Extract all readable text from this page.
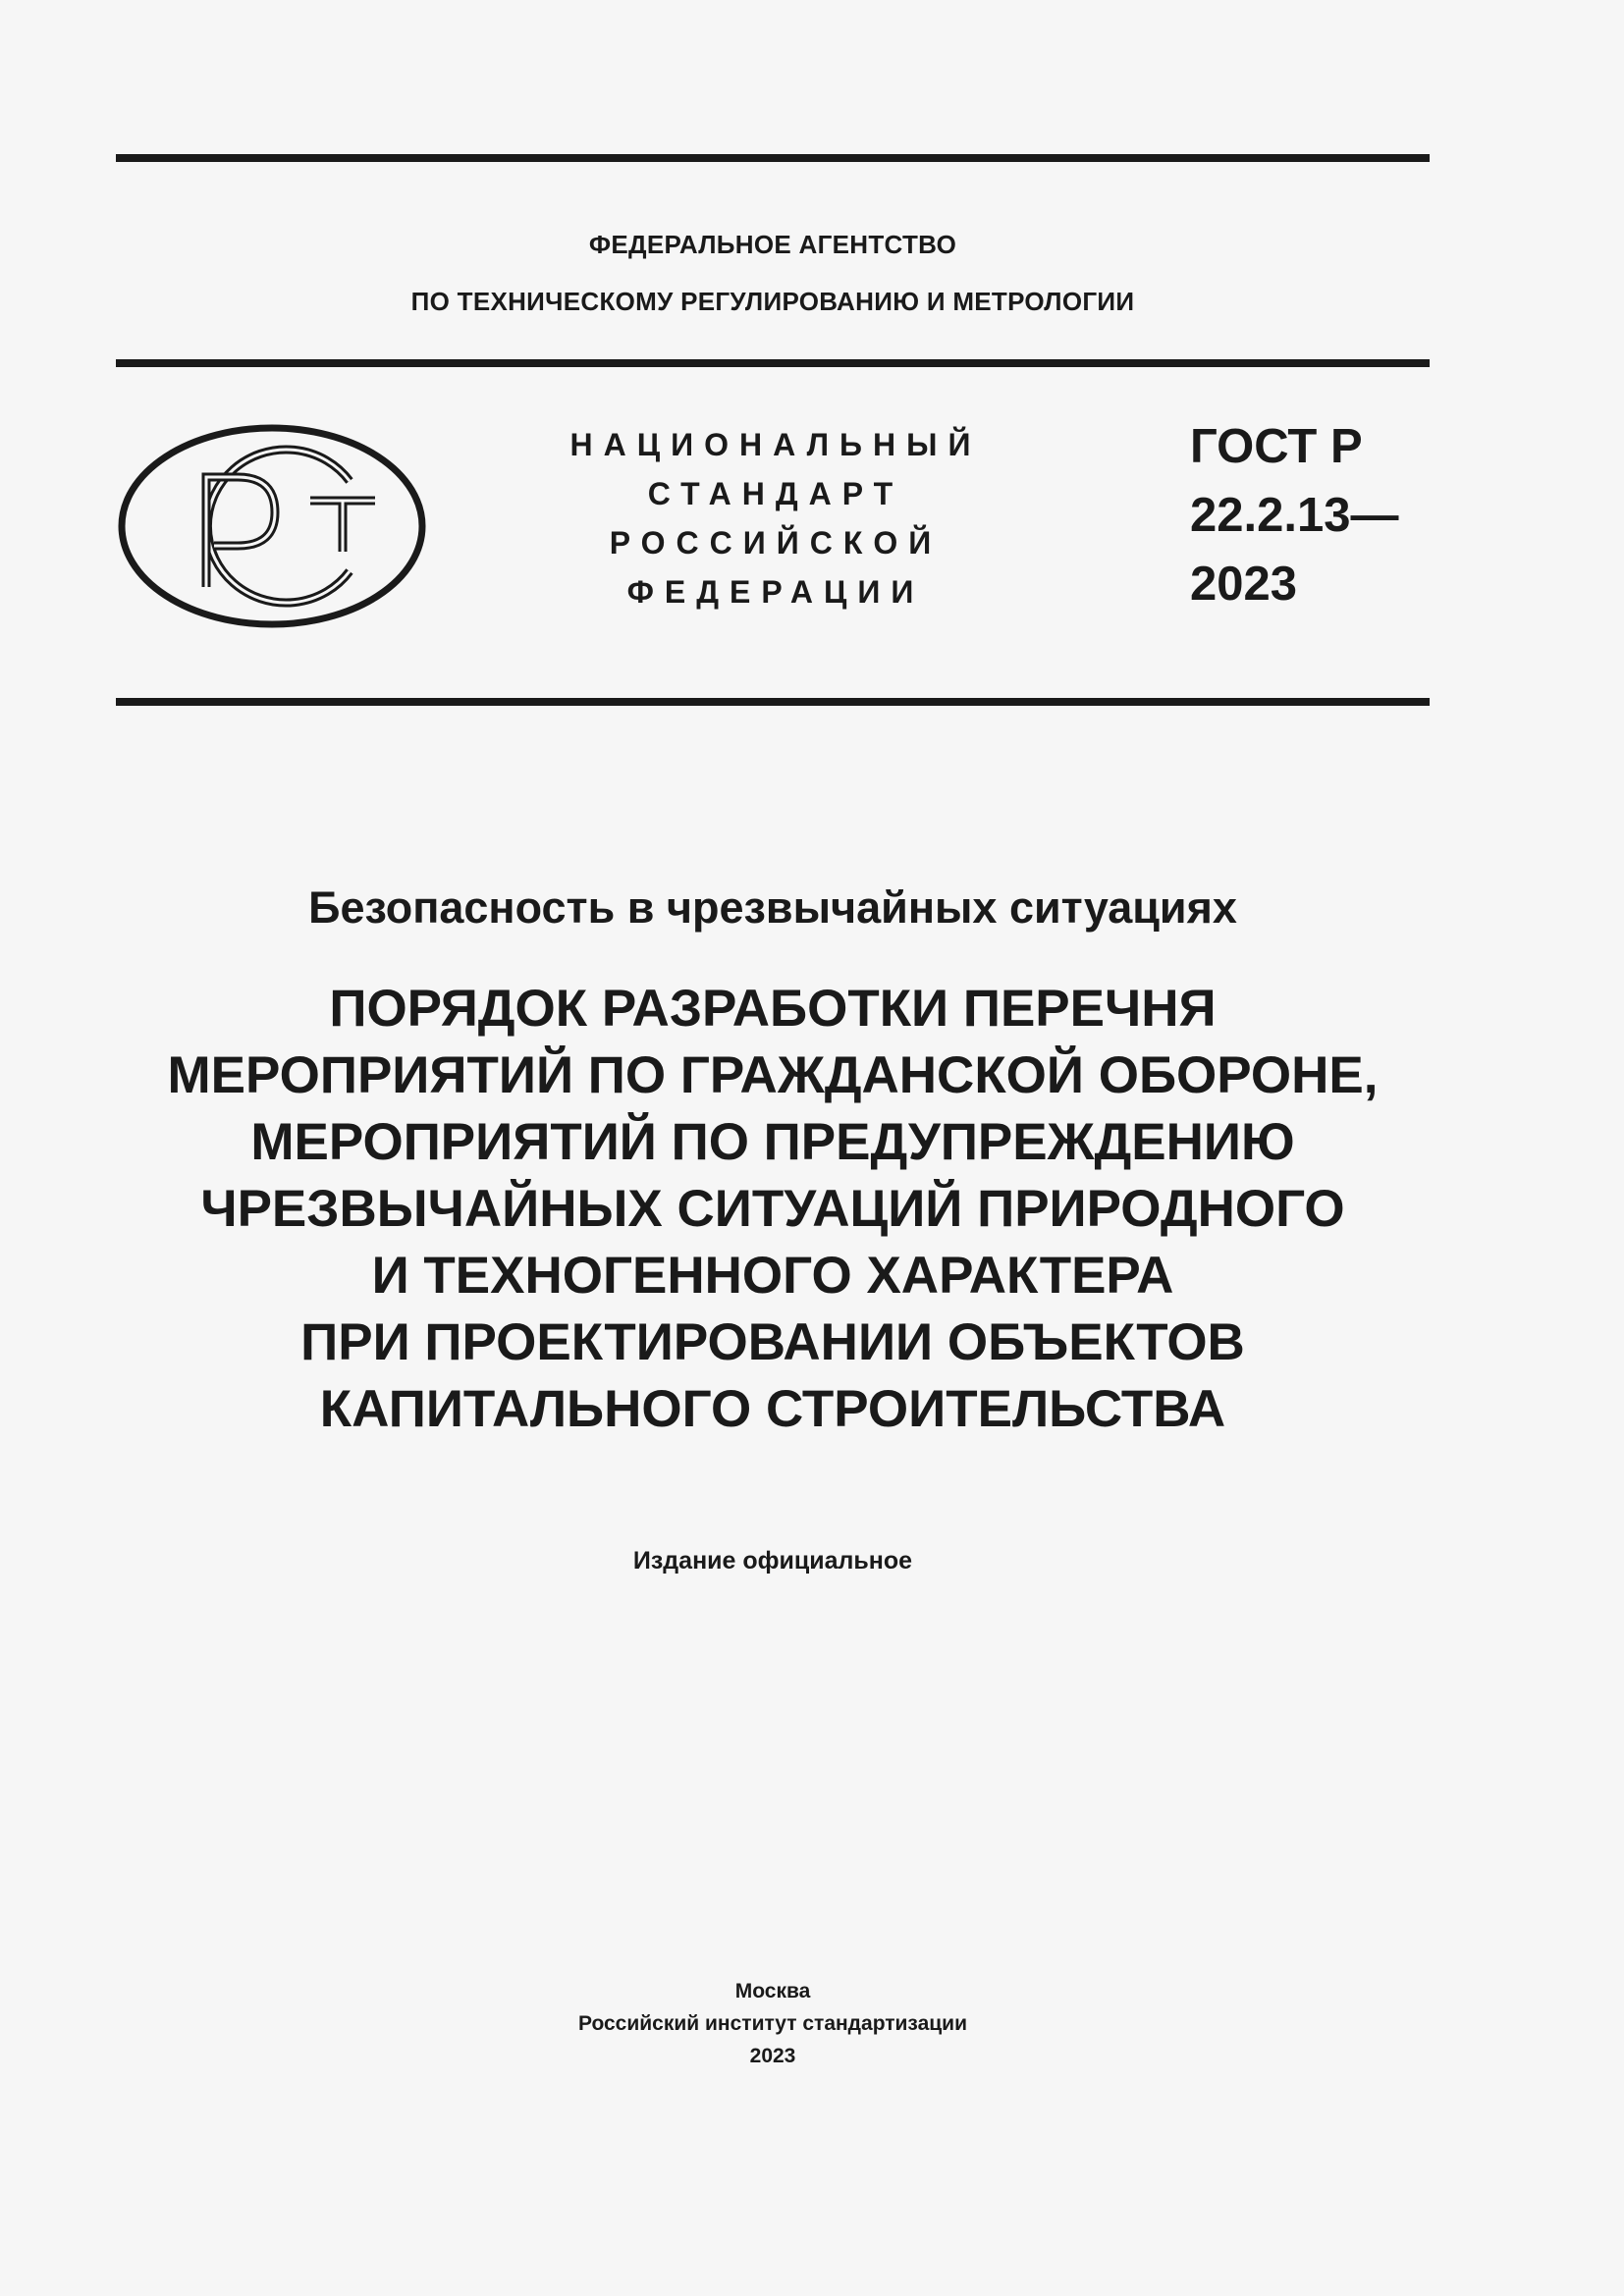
ФЕДЕРАЛЬНОЕ АГЕНТСТВО
ПО ТЕХНИЧЕСКОМУ РЕГУЛИРОВАНИЮ И МЕТРОЛОГИИ
НАЦИОНАЛЬНЫЙ
СТАНДАРТ
РОССИЙСКОЙ
ФЕДЕРАЦИИ
ГОСТ Р
22.2.13—
2023
Безопасность в чрезвычайных ситуациях
ПОРЯДОК РАЗРАБОТКИ ПЕРЕЧНЯ
МЕРОПРИЯТИЙ ПО ГРАЖДАНСКОЙ ОБОРОНЕ,
МЕРОПРИЯТИЙ ПО ПРЕДУПРЕЖДЕНИЮ
ЧРЕЗВЫЧАЙНЫХ СИТУАЦИЙ ПРИРОДНОГО
И ТЕХНОГЕННОГО ХАРАКТЕРА
ПРИ ПРОЕКТИРОВАНИИ ОБЪЕКТОВ
КАПИТАЛЬНОГО СТРОИТЕЛЬСТВА
Издание официальное
Москва
Российский институт стандартизации
2023
